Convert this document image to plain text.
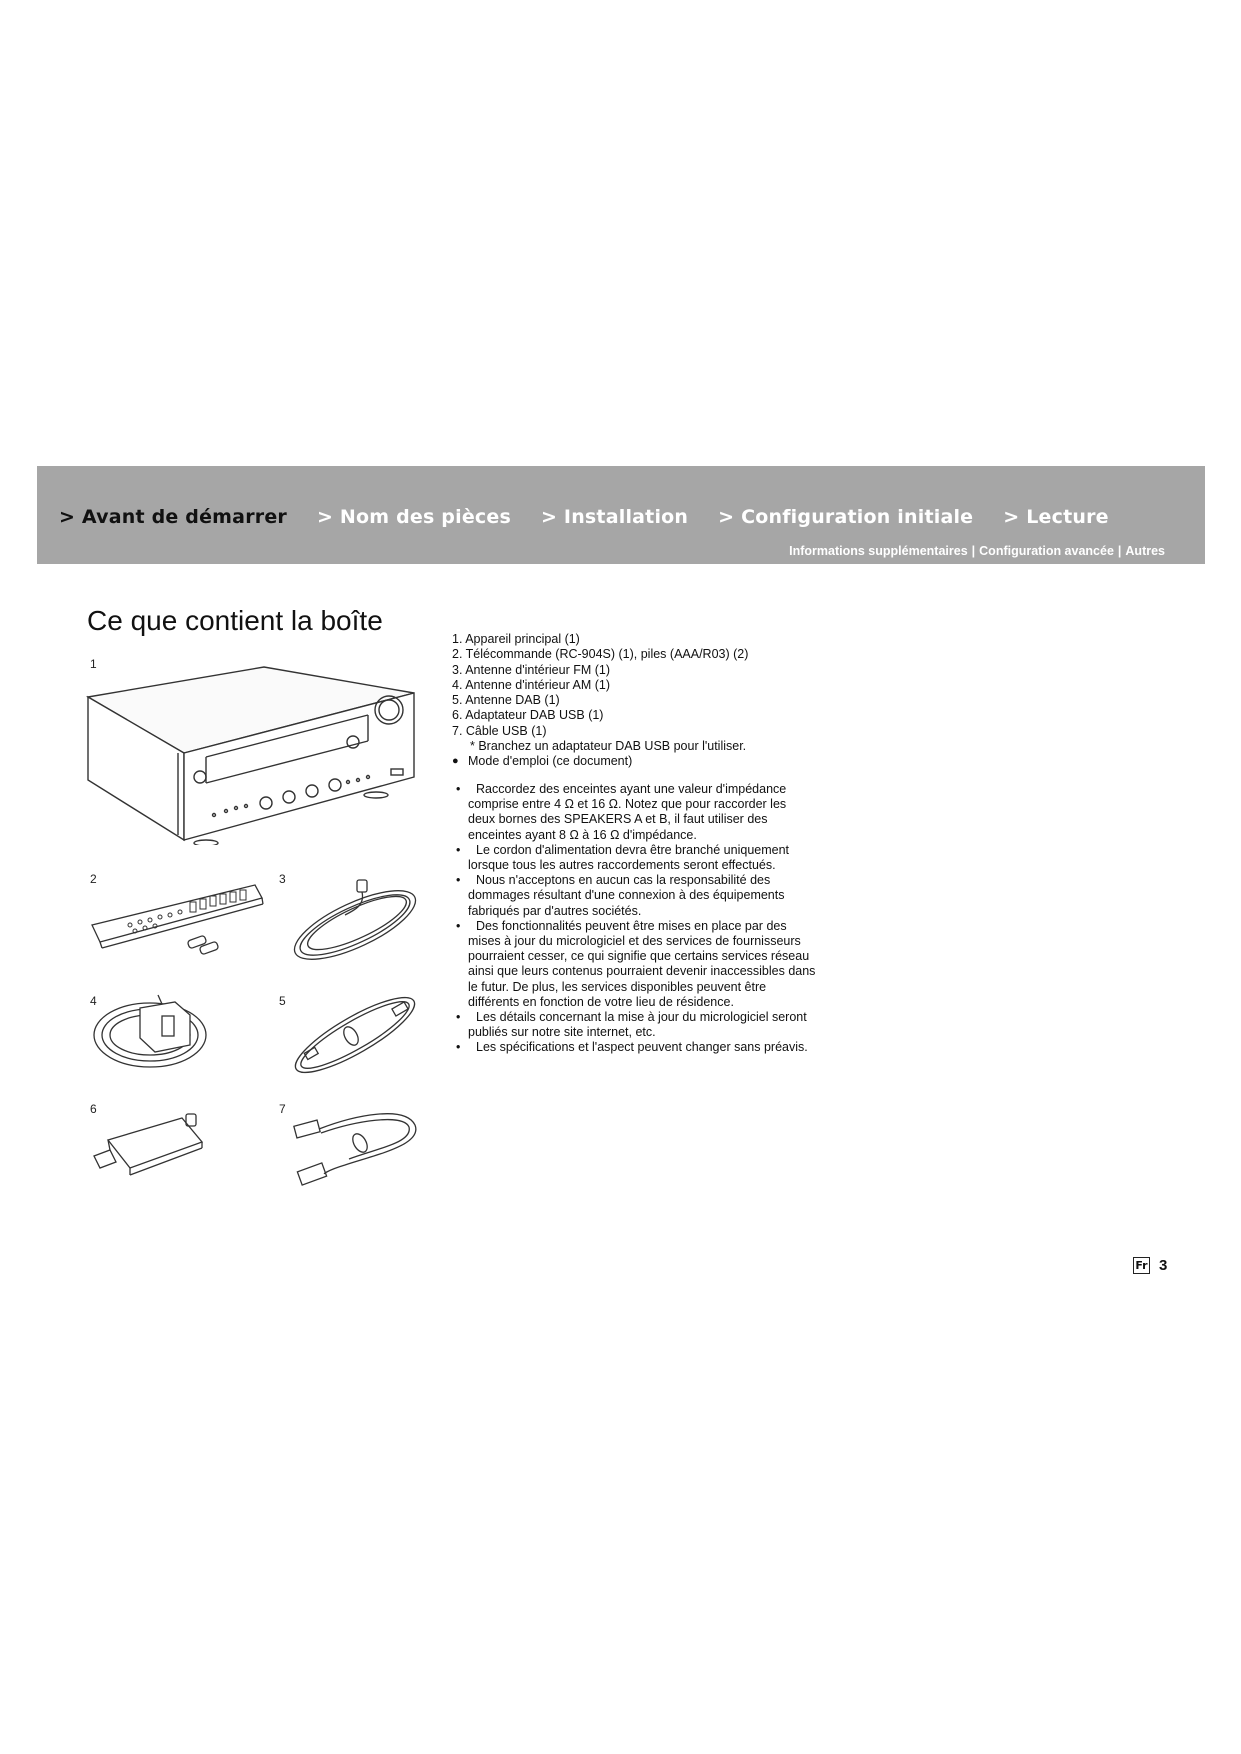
> Avant de démarrer > Nom des pièces > Installation > Configuration initiale > Lecture
Informations supplémentaires | Configuration avancée | Autres
Ce que contient la boîte
1
2	3
4	5
6	7
1. Appareil principal (1)
2. Télécommande (RC-904S) (1), piles (AAA/R03) (2)
3. Antenne d'intérieur FM (1)
4. Antenne d'intérieur AM (1)
5. Antenne DAB (1)
6. Adaptateur DAB USB (1)
7. Câble USB (1)
* Branchez un adaptateur DAB USB pour l'utiliser.
● Mode d'emploi (ce document)
•	Raccordez des enceintes ayant une valeur d'impédance comprise entre 4 Ω et 16 Ω. Notez que pour raccorder les deux bornes des SPEAKERS A et B, il faut utiliser des enceintes ayant 8 Ω à 16 Ω d'impédance.
•	Le cordon d'alimentation devra être branché uniquement lorsque tous les autres raccordements seront effectués.
•	Nous n'acceptons en aucun cas la responsabilité des dommages résultant d'une connexion à des équipements fabriqués par d'autres sociétés.
•	Des fonctionnalités peuvent être mises en place par des mises à jour du micrologiciel et des services de fournisseurs pourraient cesser, ce qui signifie que certains services réseau ainsi que leurs contenus pourraient devenir inaccessibles dans le futur. De plus, les services disponibles peuvent être différents en fonction de votre lieu de résidence.
•	Les détails concernant la mise à jour du micrologiciel seront publiés sur notre site internet, etc.
•	Les spécifications et l'aspect peuvent changer sans préavis.
Fr 3
